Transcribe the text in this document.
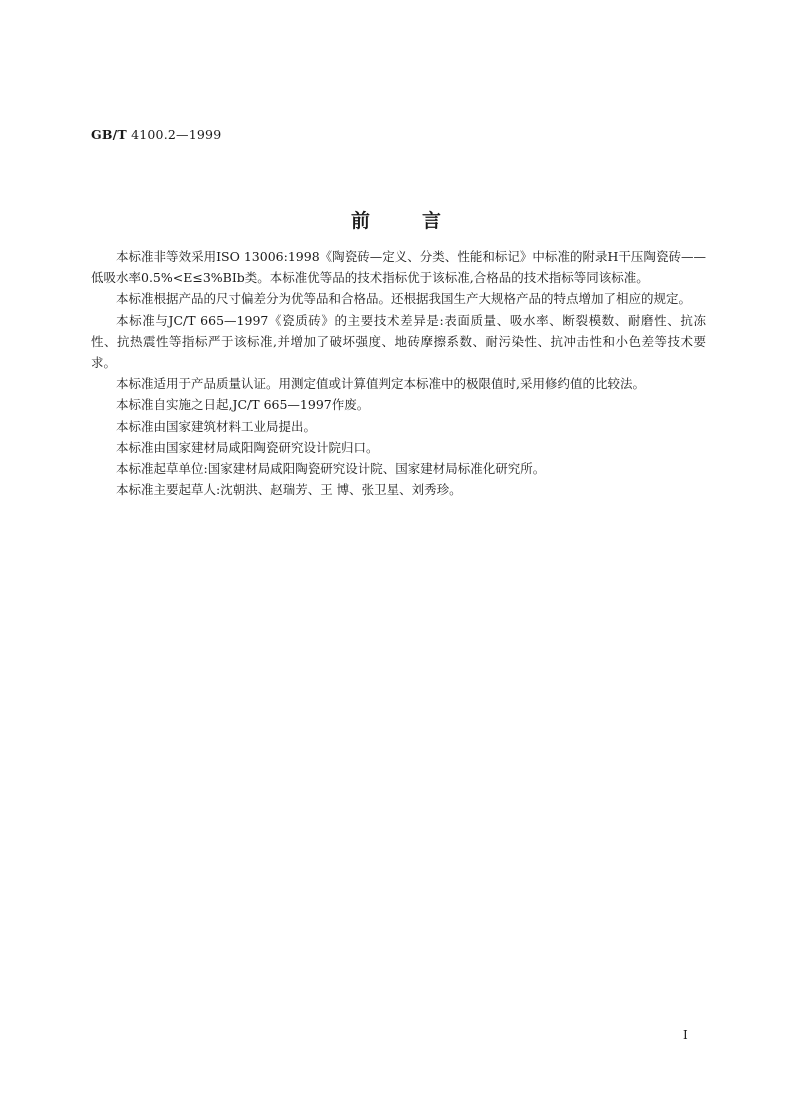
GB/T 4100.2—1999
前	言

本标准非等效采用ISO 13006:1998《陶瓷砖—定义、分类、性能和标记》中标准的附录H干压陶瓷砖——低吸水率0.5%<E≤3%BⅠb类。本标准优等品的技术指标优于该标准,合格品的技术指标等同该标准。

本标准根据产品的尺寸偏差分为优等品和合格品。还根据我国生产大规格产品的特点增加了相应的规定。

本标准与JC/T 665—1997《瓷质砖》的主要技术差异是:表面质量、吸水率、断裂模数、耐磨性、抗冻性、抗热震性等指标严于该标准,并增加了破坏强度、地砖摩擦系数、耐污染性、抗冲击性和小色差等技术要求。

本标准适用于产品质量认证。用测定值或计算值判定本标准中的极限值时,采用修约值的比较法。

本标准自实施之日起,JC/T 665—1997作废。

本标准由国家建筑材料工业局提出。

本标准由国家建材局咸阳陶瓷研究设计院归口。

本标准起草单位:国家建材局咸阳陶瓷研究设计院、国家建材局标准化研究所。

本标准主要起草人:沈朝洪、赵瑞芳、王 博、张卫星、刘秀珍。

I
